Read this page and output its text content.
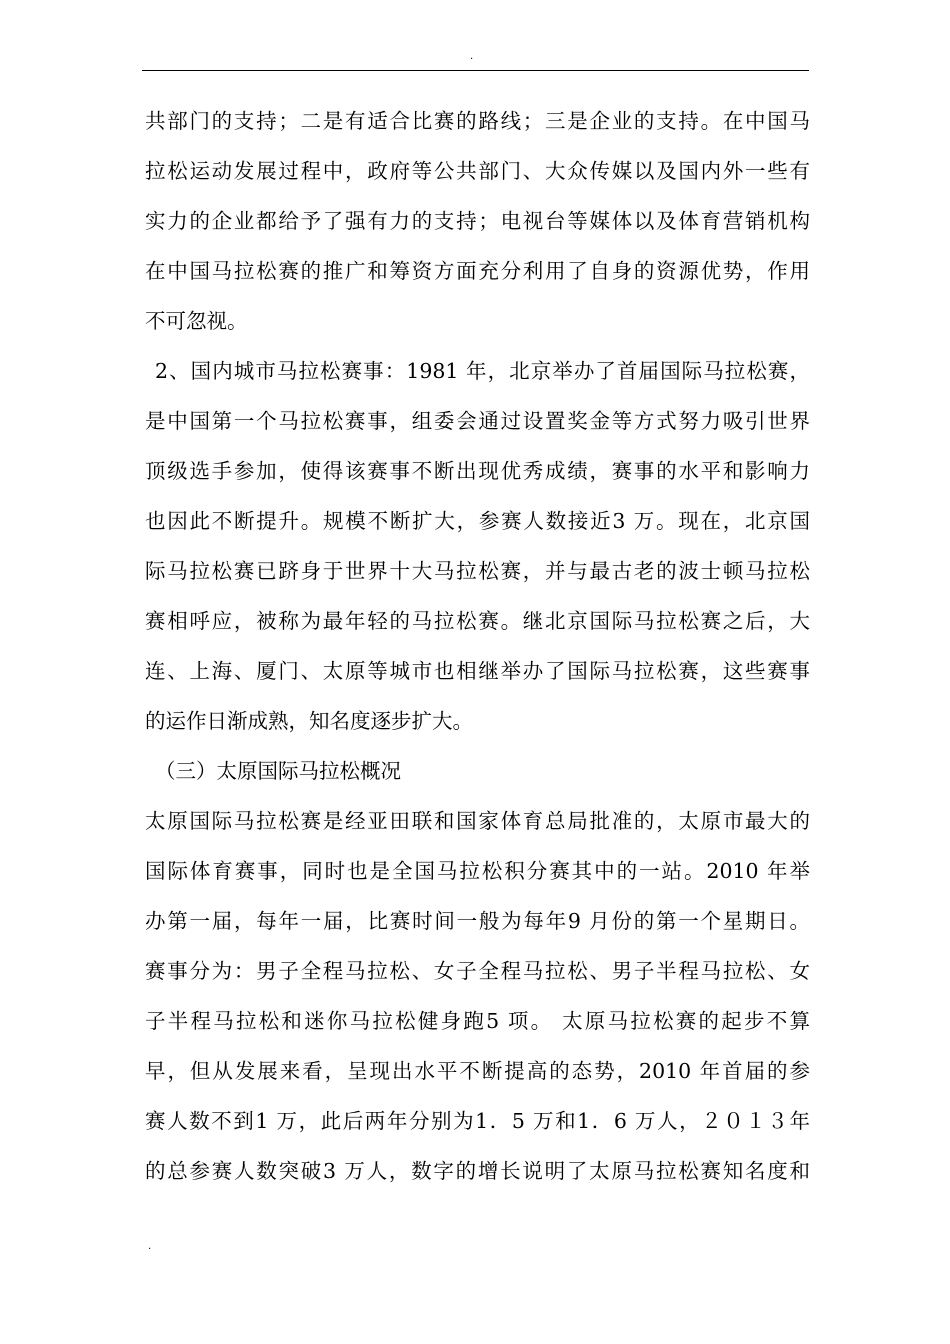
.
共部门的支持；二是有适合比赛的路线；三是企业的支持。在中国马
拉松运动发展过程中，政府等公共部门、大众传媒以及国内外一些有
实力的企业都给予了强有力的支持；电视台等媒体以及体育营销机构
在中国马拉松赛的推广和筹资方面充分利用了自身的资源优势，作用
不可忽视。
2、国内城市马拉松赛事：1981 年，北京举办了首届国际马拉松赛，
是中国第一个马拉松赛事，组委会通过设置奖金等方式努力吸引世界
顶级选手参加，使得该赛事不断出现优秀成绩，赛事的水平和影响力
也因此不断提升。规模不断扩大，参赛人数接近3 万。现在，北京国
际马拉松赛已跻身于世界十大马拉松赛，并与最古老的波士顿马拉松
赛相呼应，被称为最年轻的马拉松赛。继北京国际马拉松赛之后，大
连、上海、厦门、太原等城市也相继举办了国际马拉松赛，这些赛事
的运作日渐成熟，知名度逐步扩大。
（三）太原国际马拉松概况
太原国际马拉松赛是经亚田联和国家体育总局批准的，太原市最大的
国际体育赛事，同时也是全国马拉松积分赛其中的一站。2010 年举
办第一届，每年一届，比赛时间一般为每年9 月份的第一个星期日。
赛事分为：男子全程马拉松、女子全程马拉松、男子半程马拉松、女
子半程马拉松和迷你马拉松健身跑5 项。 太原马拉松赛的起步不算
早，但从发展来看，呈现出水平不断提高的态势，2010 年首届的参
赛人数不到1 万，此后两年分别为1．5 万和1．6 万人，２０１３年
的总参赛人数突破3 万人，数字的增长说明了太原马拉松赛知名度和
.
